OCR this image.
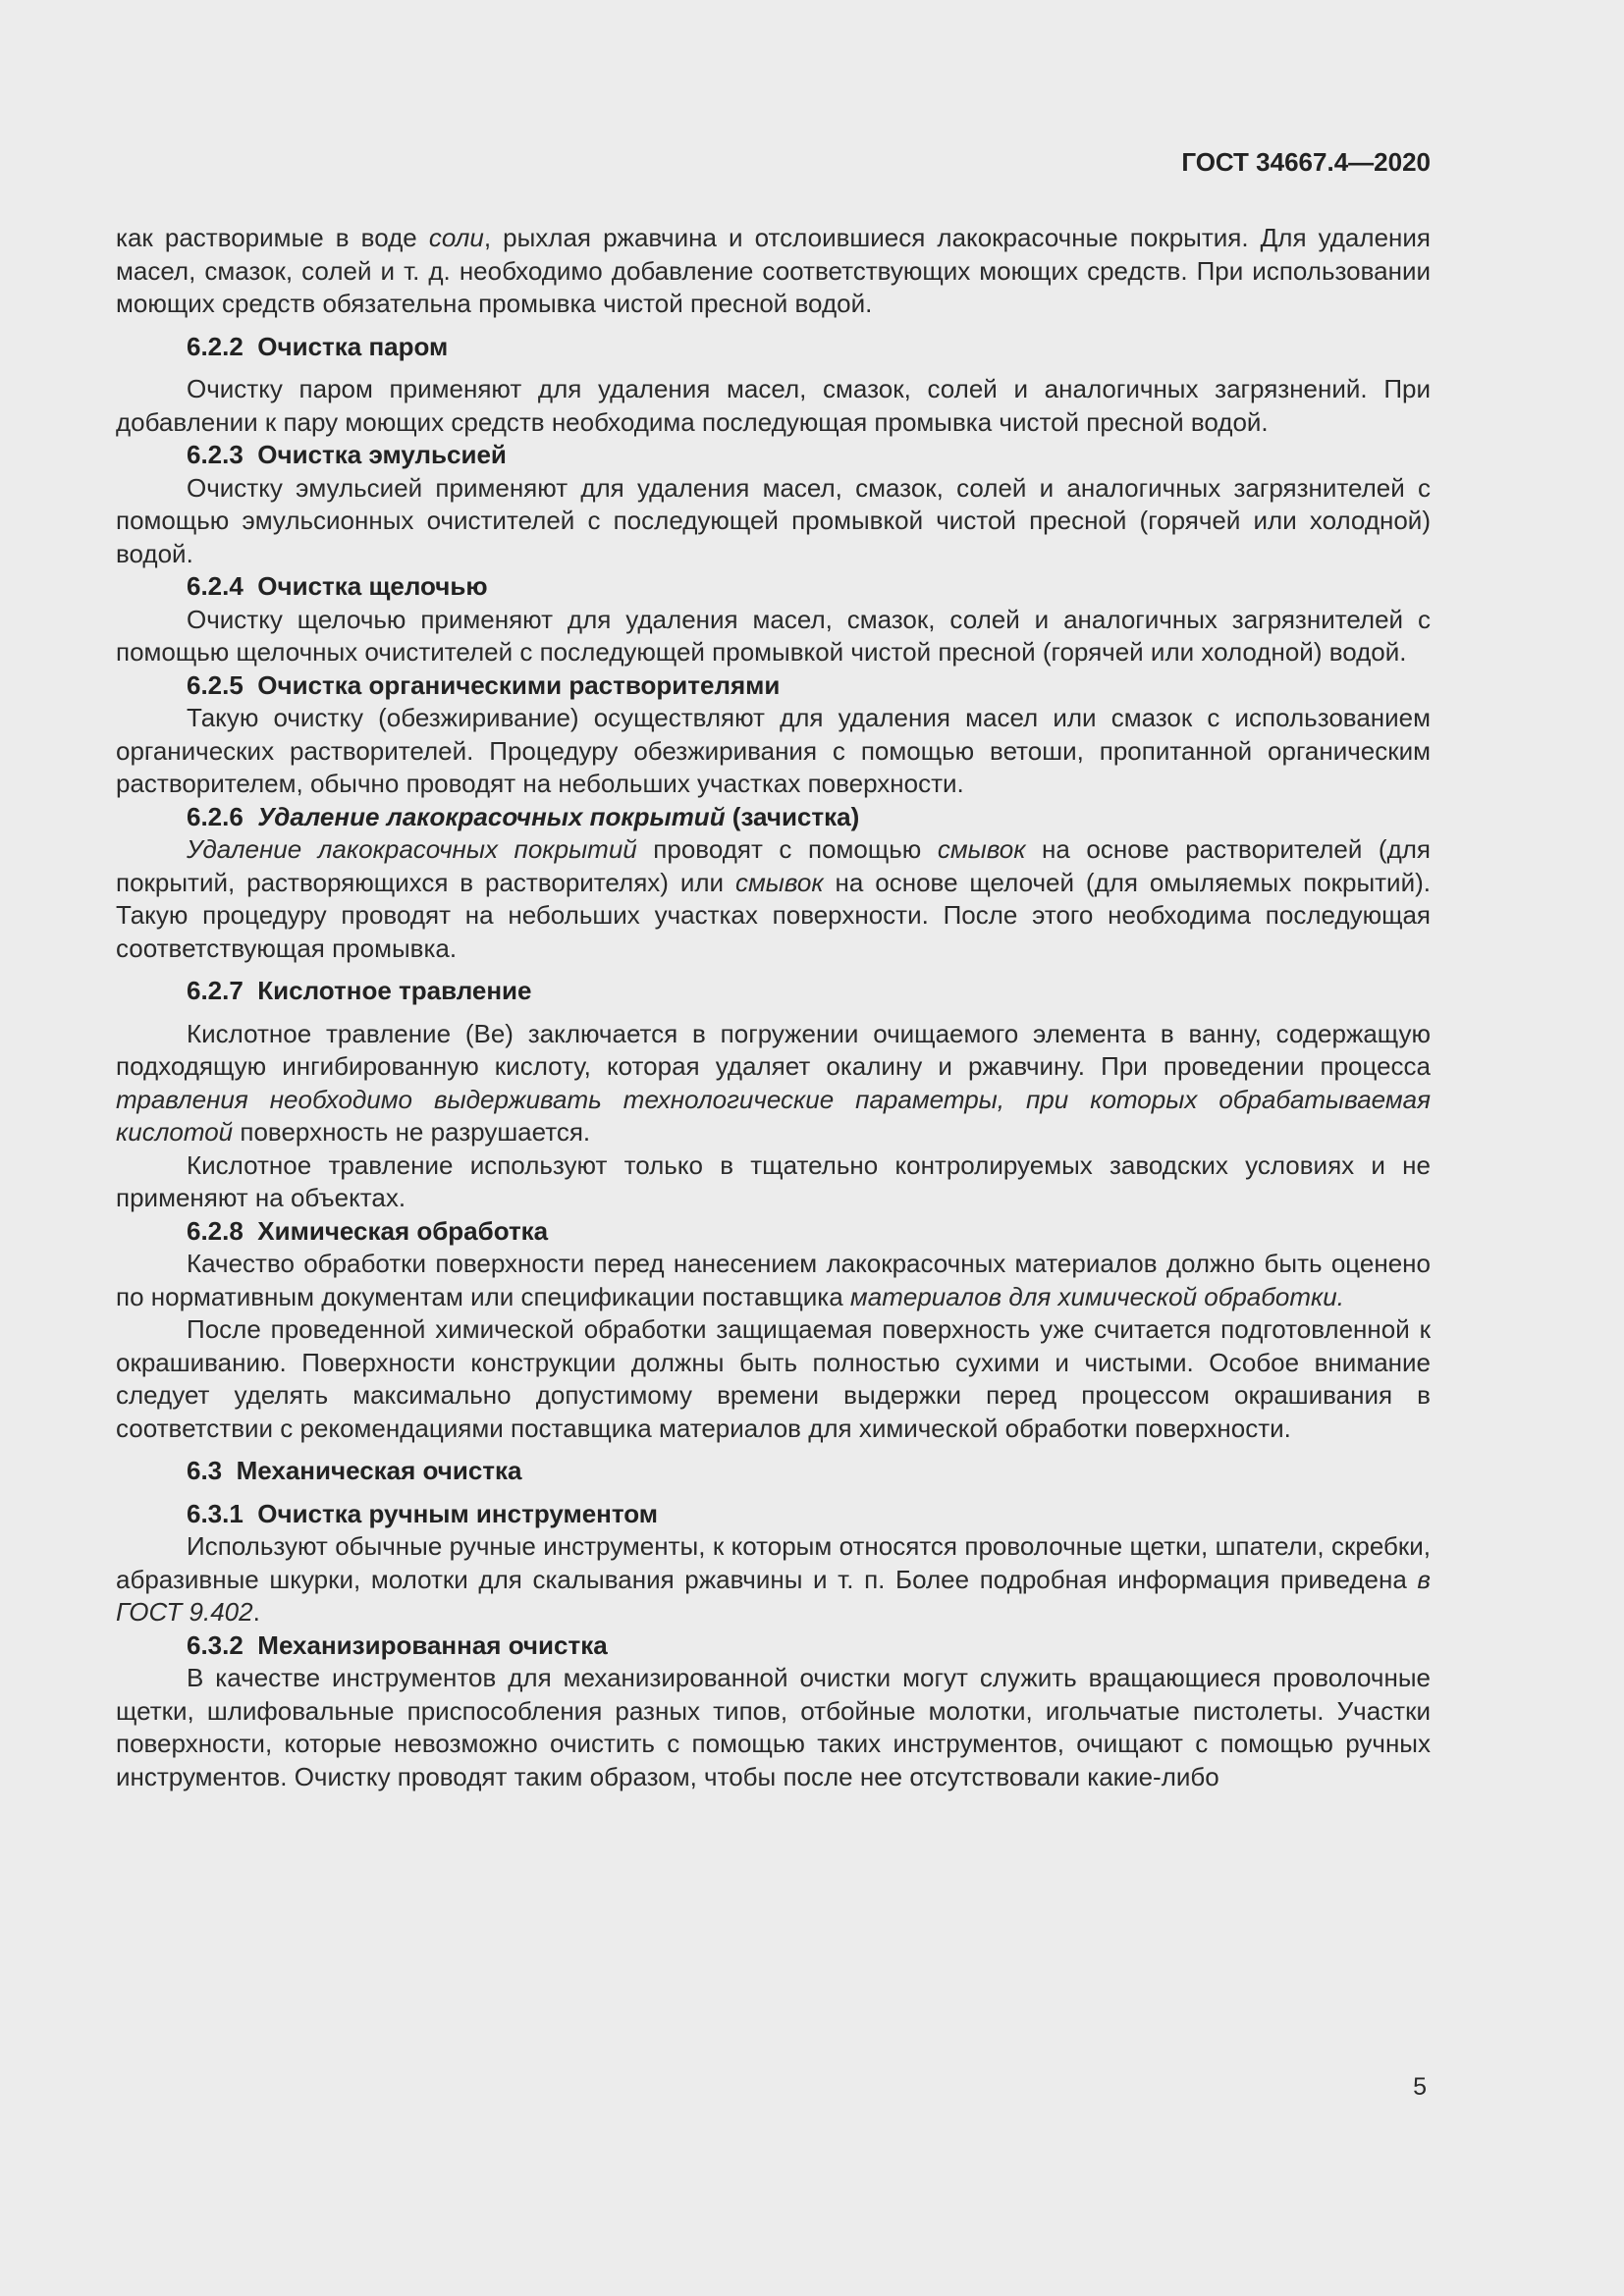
ГОСТ 34667.4—2020

как растворимые в воде соли, рыхлая ржавчина и отслоившиеся лакокрасочные покрытия. Для удаления масел, смазок, солей и т. д. необходимо добавление соответствующих моющих средств. При использовании моющих средств обязательна промывка чистой пресной водой.

6.2.2 Очистка паром

Очистку паром применяют для удаления масел, смазок, солей и аналогичных загрязнений. При добавлении к пару моющих средств необходима последующая промывка чистой пресной водой.

6.2.3 Очистка эмульсией

Очистку эмульсией применяют для удаления масел, смазок, солей и аналогичных загрязнителей с помощью эмульсионных очистителей с последующей промывкой чистой пресной (горячей или холодной) водой.

6.2.4 Очистка щелочью

Очистку щелочью применяют для удаления масел, смазок, солей и аналогичных загрязнителей с помощью щелочных очистителей с последующей промывкой чистой пресной (горячей или холодной) водой.

6.2.5 Очистка органическими растворителями

Такую очистку (обезжиривание) осуществляют для удаления масел или смазок с использованием органических растворителей. Процедуру обезжиривания с помощью ветоши, пропитанной органическим растворителем, обычно проводят на небольших участках поверхности.

6.2.6 Удаление лакокрасочных покрытий (зачистка)

Удаление лакокрасочных покрытий проводят с помощью смывок на основе растворителей (для покрытий, растворяющихся в растворителях) или смывок на основе щелочей (для омыляемых покрытий). Такую процедуру проводят на небольших участках поверхности. После этого необходима последующая соответствующая промывка.

6.2.7 Кислотное травление

Кислотное травление (Ве) заключается в погружении очищаемого элемента в ванну, содержащую подходящую ингибированную кислоту, которая удаляет окалину и ржавчину. При проведении процесса травления необходимо выдерживать технологические параметры, при которых обрабатываемая кислотой поверхность не разрушается.

Кислотное травление используют только в тщательно контролируемых заводских условиях и не применяют на объектах.

6.2.8 Химическая обработка

Качество обработки поверхности перед нанесением лакокрасочных материалов должно быть оценено по нормативным документам или спецификации поставщика материалов для химической обработки.

После проведенной химической обработки защищаемая поверхность уже считается подготовленной к окрашиванию. Поверхности конструкции должны быть полностью сухими и чистыми. Особое внимание следует уделять максимально допустимому времени выдержки перед процессом окрашивания в соответствии с рекомендациями поставщика материалов для химической обработки поверхности.

6.3 Механическая очистка

6.3.1 Очистка ручным инструментом

Используют обычные ручные инструменты, к которым относятся проволочные щетки, шпатели, скребки, абразивные шкурки, молотки для скалывания ржавчины и т. п. Более подробная информация приведена в ГОСТ 9.402.

6.3.2 Механизированная очистка

В качестве инструментов для механизированной очистки могут служить вращающиеся проволочные щетки, шлифовальные приспособления разных типов, отбойные молотки, игольчатые пистолеты. Участки поверхности, которые невозможно очистить с помощью таких инструментов, очищают с помощью ручных инструментов. Очистку проводят таким образом, чтобы после нее отсутствовали какие-либо

5
